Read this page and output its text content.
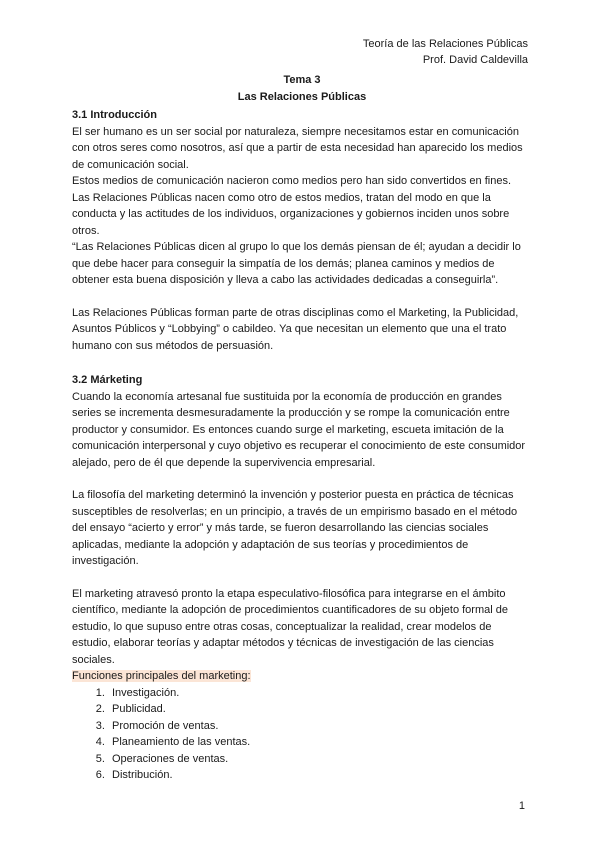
Teoría de las Relaciones Públicas
Prof. David Caldevilla

Tema 3

Las Relaciones Públicas

3.1 Introducción

El ser humano es un ser social por naturaleza, siempre necesitamos estar en comunicación con otros seres como nosotros, así que a partir de esta necesidad han aparecido los medios de comunicación social.

Estos medios de comunicación nacieron como medios pero han sido convertidos en fines.

Las Relaciones Públicas nacen como otro de estos medios, tratan del modo en que la conducta y las actitudes de los individuos, organizaciones y gobiernos inciden unos sobre otros.

“Las Relaciones Públicas dicen al grupo lo que los demás piensan de él; ayudan a decidir lo que debe hacer para conseguir la simpatía de los demás; planea caminos y medios de obtener esta buena disposición y lleva a cabo las actividades dedicadas a conseguirla”.

Las Relaciones Públicas forman parte de otras disciplinas como el Marketing, la Publicidad, Asuntos Públicos y “Lobbying” o cabildeo. Ya que necesitan un elemento que una el trato humano con sus métodos de persuasión.

3.2 Márketing

Cuando la economía artesanal fue sustituida por la economía de producción en grandes series se incrementa desmesuradamente la producción y se rompe la comunicación entre productor y consumidor. Es entonces cuando surge el marketing, escueta imitación de la comunicación interpersonal y cuyo objetivo es recuperar el conocimiento de este consumidor alejado, pero de él que depende la supervivencia empresarial.

La filosofía del marketing determinó la invención y posterior puesta en práctica de técnicas susceptibles de resolverlas; en un principio, a través de un empirismo basado en el método del ensayo “acierto y error” y más tarde, se fueron desarrollando las ciencias sociales aplicadas, mediante la adopción y adaptación de sus teorías y procedimientos de investigación.

El marketing atravesó pronto la etapa especulativo-filosófica para integrarse en el ámbito científico, mediante la adopción de procedimientos cuantificadores de su objeto formal de estudio, lo que supuso entre otras cosas, conceptualizar la realidad, crear modelos de estudio, elaborar teorías y adaptar métodos y técnicas de investigación de las ciencias sociales.

Funciones principales del marketing:

1. Investigación.
2. Publicidad.
3. Promoción de ventas.
4. Planeamiento de las ventas.
5. Operaciones de ventas.
6. Distribución.
1
